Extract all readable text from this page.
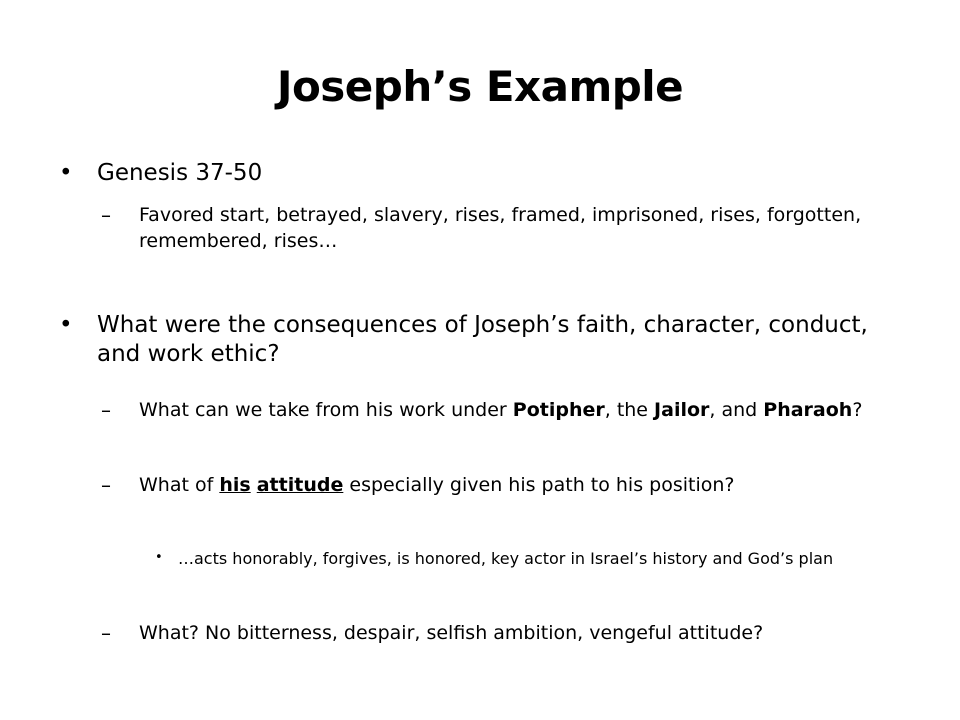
Joseph’s Example
• Genesis 37-50
– Favored start, betrayed, slavery, rises, framed, imprisoned, rises, forgotten, remembered, rises…
• What were the consequences of Joseph’s faith, character, conduct, and work ethic?
– What can we take from his work under Potipher, the Jailor, and Pharaoh?
– What of his attitude especially given his path to his position?
• …acts honorably, forgives, is honored, key actor in Israel’s history and God’s plan
– What? No bitterness, despair, selfish ambition, vengeful attitude?
